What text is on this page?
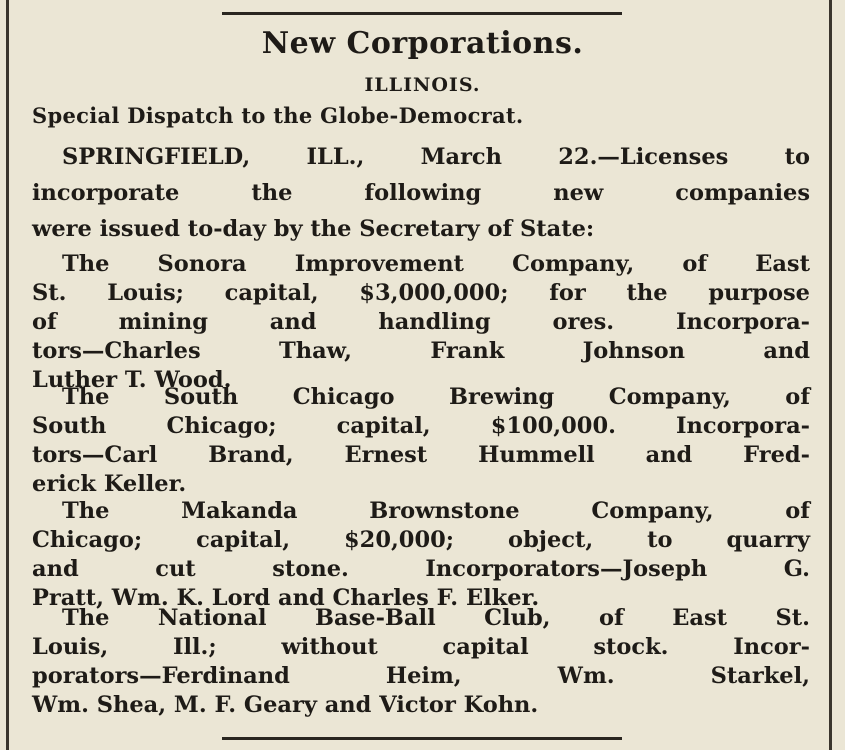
New Corporations.
ILLINOIS.
Special Dispatch to the Globe-Democrat.
SPRINGFIELD, ILL., March 22.—Licenses to
incorporate the following new companies
were issued to-day by the Secretary of State:
The Sonora Improvement Company, of East
St. Louis; capital, $3,000,000; for the purpose
of mining and handling ores. Incorpora-
tors—Charles Thaw, Frank Johnson and
Luther T. Wood.
The South Chicago Brewing Company, of
South Chicago; capital, $100,000. Incorpora-
tors—Carl Brand, Ernest Hummell and Fred-
erick Keller.
The Makanda Brownstone Company, of
Chicago; capital, $20,000; object, to quarry
and cut stone. Incorporators—Joseph G.
Pratt, Wm. K. Lord and Charles F. Elker.
The National Base-Ball Club, of East St.
Louis, Ill.; without capital stock. Incor-
porators—Ferdinand Heim, Wm. Starkel,
Wm. Shea, M. F. Geary and Victor Kohn.
